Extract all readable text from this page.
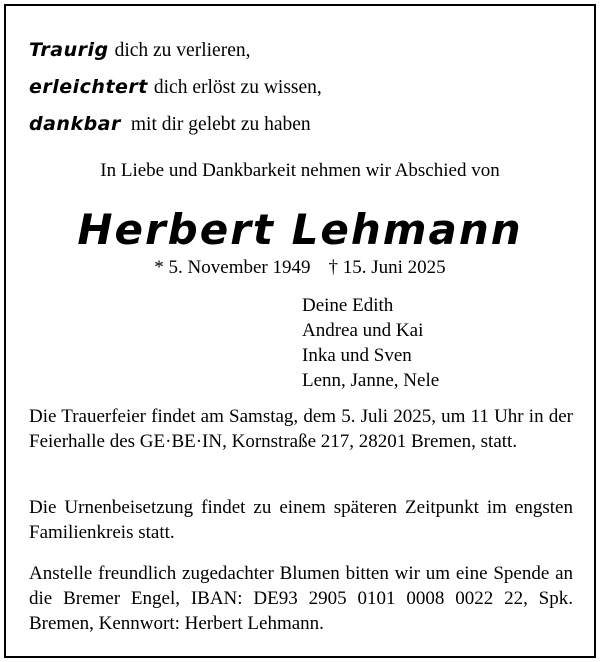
Traurig dich zu verlieren,
erleichtert dich erlöst zu wissen,
dankbar mit dir gelebt zu haben
In Liebe und Dankbarkeit nehmen wir Abschied von
Herbert Lehmann
* 5. November 1949 † 15. Juni 2025
Deine Edith
Andrea und Kai
Inka und Sven
Lenn, Janne, Nele
Die Trauerfeier findet am Samstag, dem 5. Juli 2025, um 11 Uhr in der Feierhalle des GE·BE·IN, Kornstraße 217, 28201 Bremen, statt.
Die Urnenbeisetzung findet zu einem späteren Zeitpunkt im engsten Familienkreis statt.
Anstelle freundlich zugedachter Blumen bitten wir um eine Spende an die Bremer Engel, IBAN: DE93 2905 0101 0008 0022 22, Spk. Bremen, Kennwort: Herbert Lehmann.
